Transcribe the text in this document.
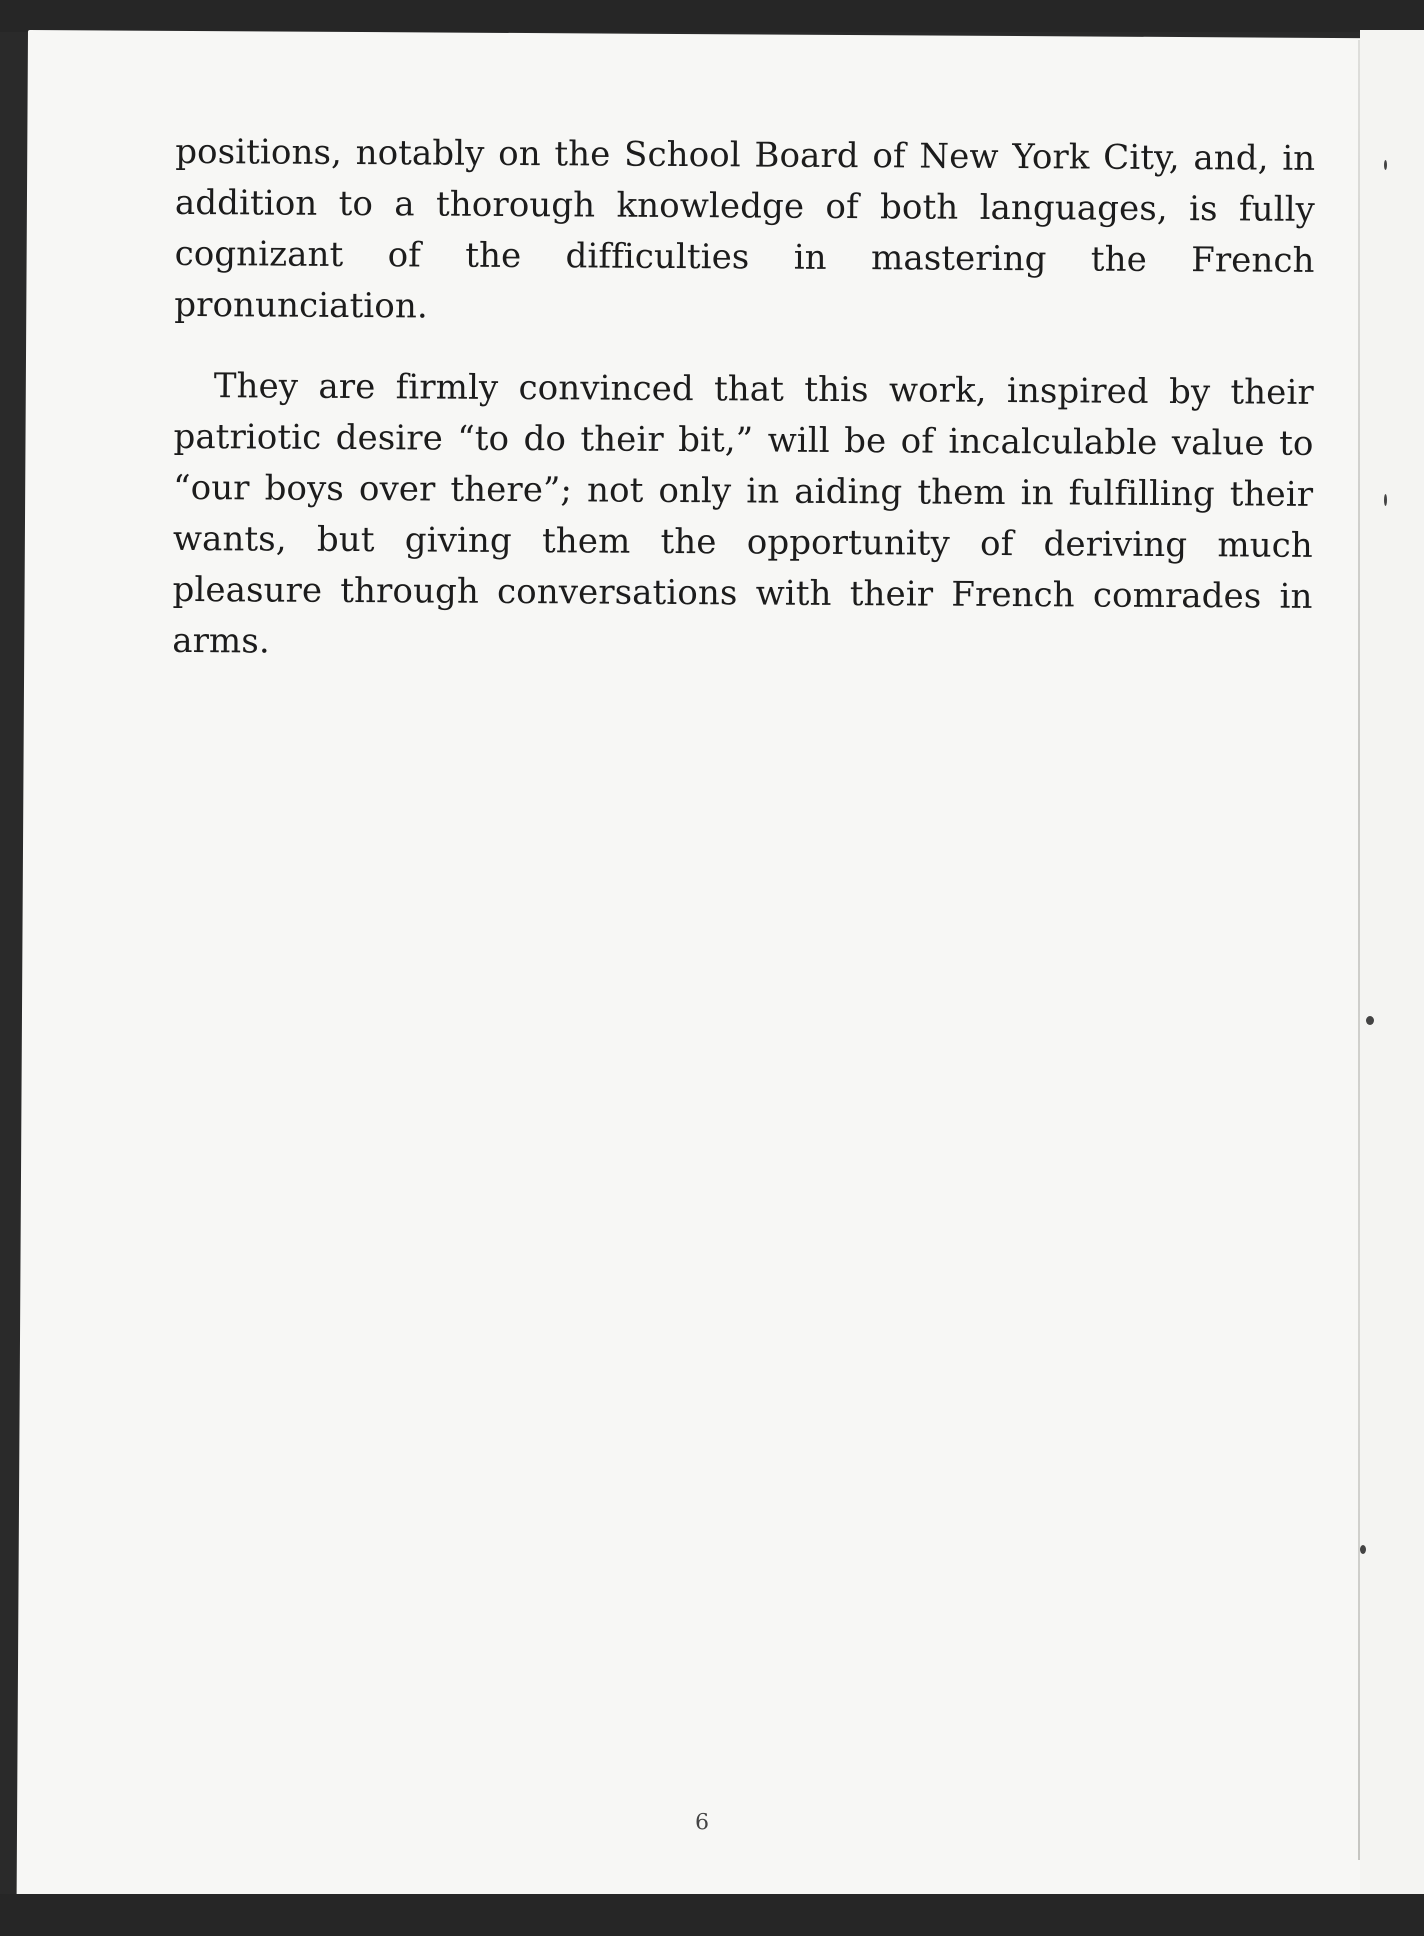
positions, notably on the School Board of New York City, and, in addition to a thorough knowledge of both languages, is fully cognizant of the difficulties in mastering the French pronunciation.

They are firmly convinced that this work, inspired by their patriotic desire “to do their bit,” will be of incalculable value to “our boys over there”; not only in aiding them in fulfilling their wants, but giving them the opportunity of deriving much pleasure through conversations with their French comrades in arms.

6
